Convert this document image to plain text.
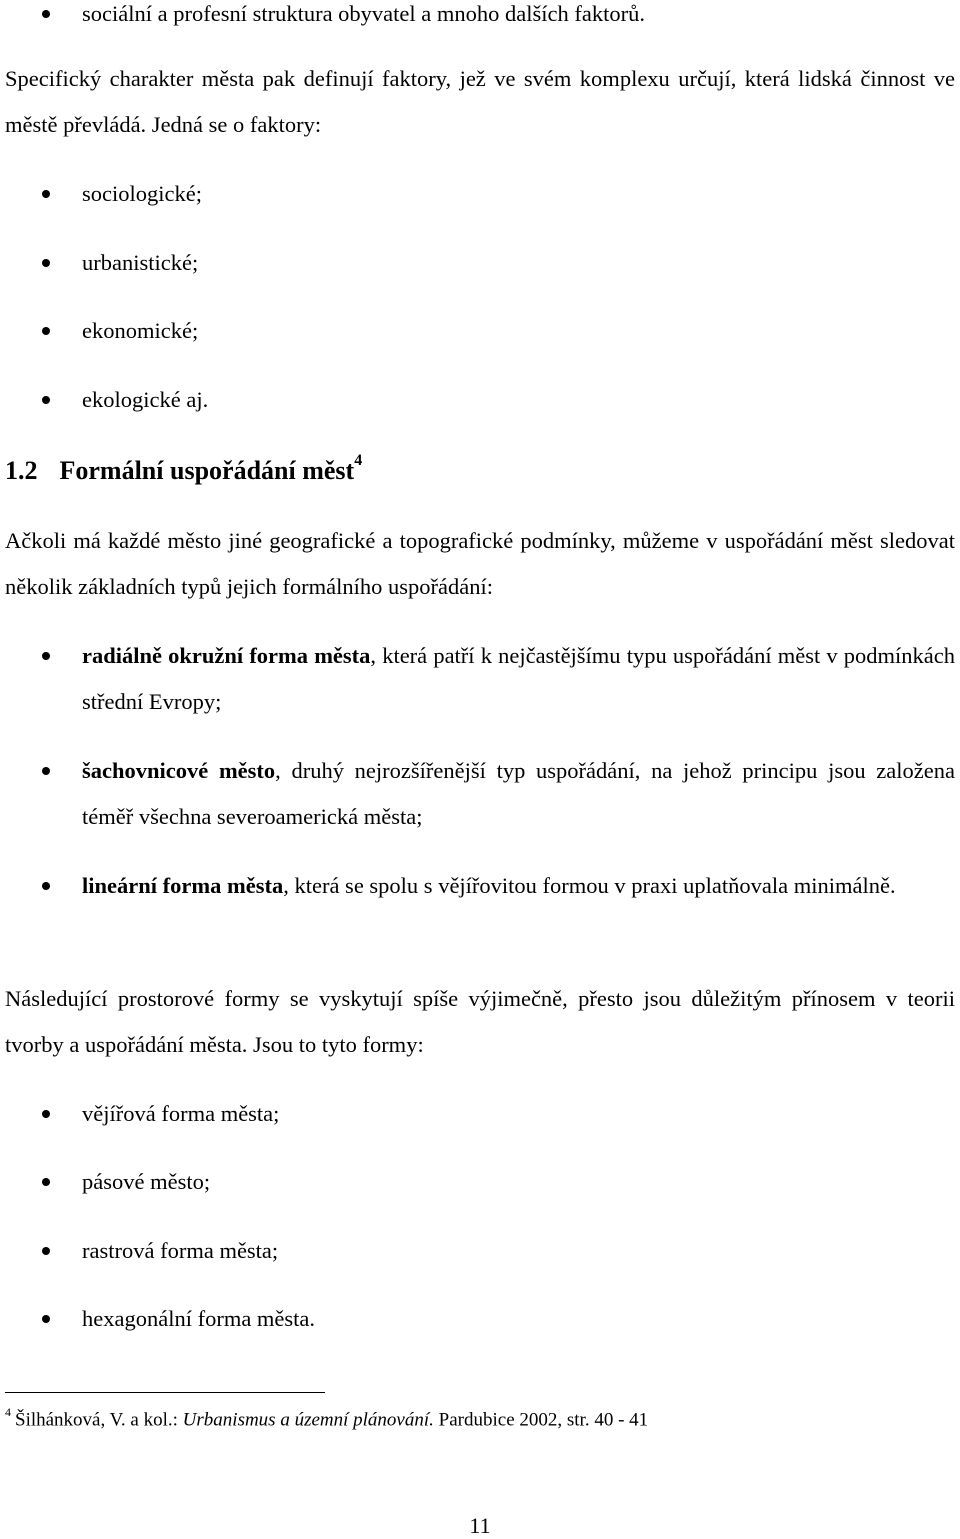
sociální a profesní struktura obyvatel a mnoho dalších faktorů.

Specifický charakter města pak definují faktory, jež ve svém komplexu určují, která lidská činnost ve městě převládá. Jedná se o faktory:

sociologické;

urbanistické;

ekonomické;

ekologické aj.

1.2 Formální uspořádání měst$^4$

Ačkoli má každé město jiné geografické a topografické podmínky, můžeme v uspořádání měst sledovat několik základních typů jejich formálního uspořádání:

radiálně okružní forma města, která patří k nejčastějšímu typu uspořádání měst v podmínkách střední Evropy;

šachovnicové město, druhý nejrozšířenější typ uspořádání, na jehož principu jsou založena téměř všechna severoamerická města;

lineární forma města, která se spolu s vějířovitou formou v praxi uplatňovala minimálně.

Následující prostorové formy se vyskytují spíše výjimečně, přesto jsou důležitým přínosem v teorii tvorby a uspořádání města. Jsou to tyto formy:

vějířová forma města;

pásové město;

rastrová forma města;

hexagonální forma města.

$^4$ Šilhánková, V. a kol.: Urbanismus a územní plánování. Pardubice 2002, str. 40 - 41

11
